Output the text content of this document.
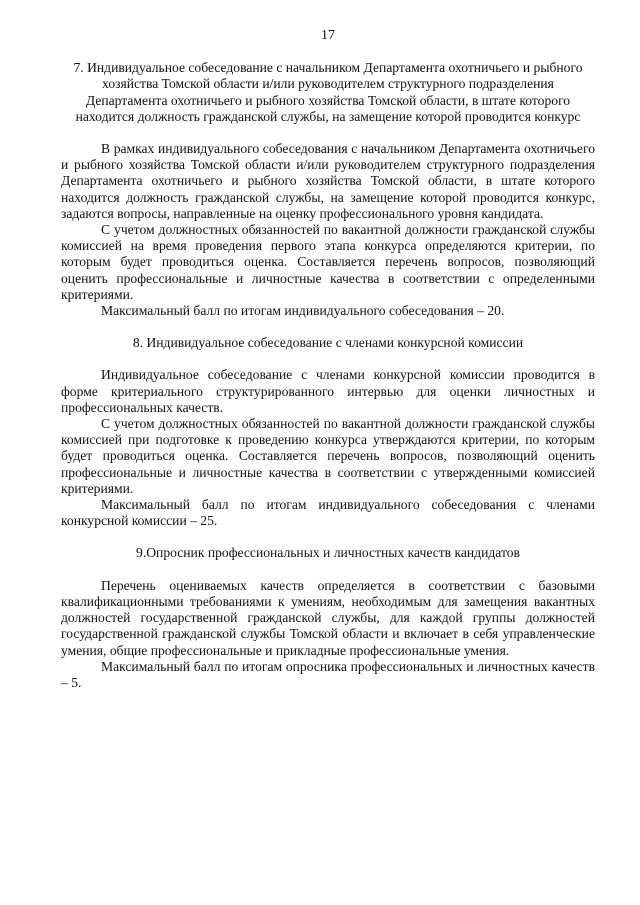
17

7. Индивидуальное собеседование с начальником Департамента охотничьего и рыбного хозяйства Томской области и/или руководителем структурного подразделения Департамента охотничьего и рыбного хозяйства Томской области, в штате которого находится должность гражданской службы, на замещение которой проводится конкурс

В рамках индивидуального собеседования с начальником Департамента охотничьего и рыбного хозяйства Томской области и/или руководителем структурного подразделения Департамента охотничьего и рыбного хозяйства Томской области, в штате которого находится должность гражданской службы, на замещение которой проводится конкурс, задаются вопросы, направленные на оценку профессионального уровня кандидата.

С учетом должностных обязанностей по вакантной должности гражданской службы комиссией на время проведения первого этапа конкурса определяются критерии, по которым будет проводиться оценка. Составляется перечень вопросов, позволяющий оценить профессиональные и личностные качества в соответствии с определенными критериями.

Максимальный балл по итогам индивидуального собеседования – 20.

8. Индивидуальное собеседование с членами конкурсной комиссии

Индивидуальное собеседование с членами конкурсной комиссии проводится в форме критериального структурированного интервью для оценки личностных и профессиональных качеств.

С учетом должностных обязанностей по вакантной должности гражданской службы комиссией при подготовке к проведению конкурса утверждаются критерии, по которым будет проводиться оценка. Составляется перечень вопросов, позволяющий оценить профессиональные и личностные качества в соответствии с утвержденными комиссией критериями.

Максимальный балл по итогам индивидуального собеседования с членами конкурсной комиссии – 25.

9.Опросник профессиональных и личностных качеств кандидатов

Перечень оцениваемых качеств определяется в соответствии с базовыми квалификационными требованиями к умениям, необходимым для замещения вакантных должностей государственной гражданской службы, для каждой группы должностей государственной гражданской службы Томской области и включает в себя управленческие умения, общие профессиональные и прикладные профессиональные умения.

Максимальный балл по итогам опросника профессиональных и личностных качеств – 5.
